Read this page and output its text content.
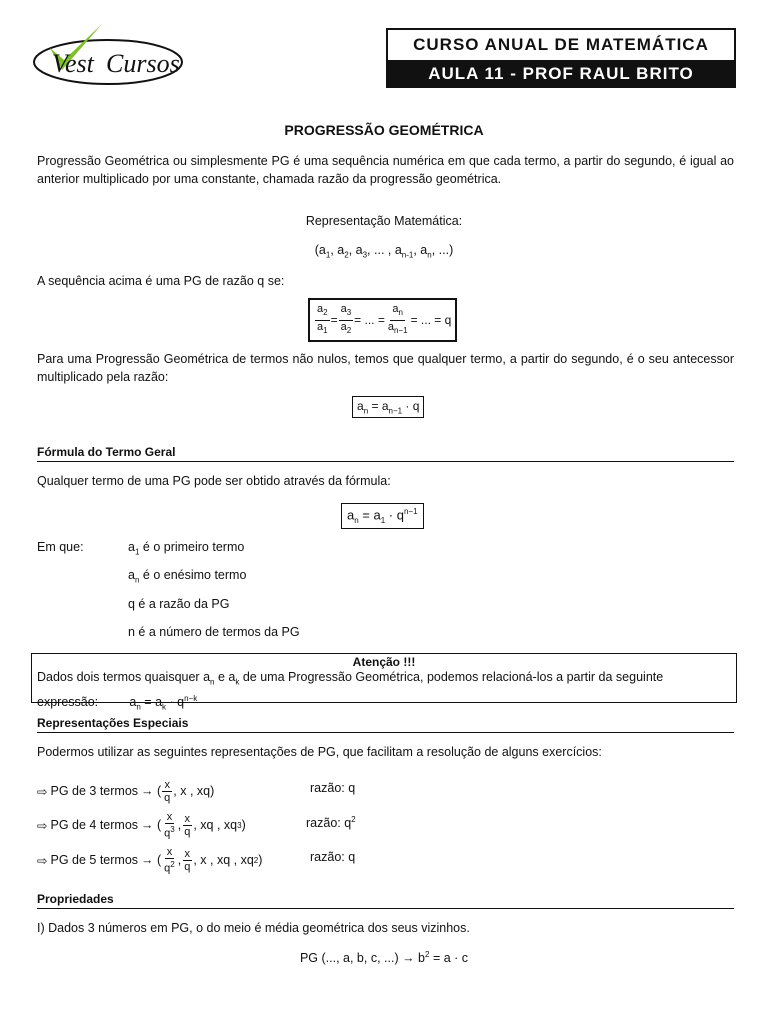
Vest Cursos
CURSO ANUAL DE MATEMÁTICA
AULA 11 - PROF RAUL BRITO
PROGRESSÃO GEOMÉTRICA

Progressão Geométrica ou simplesmente PG é uma sequência numérica em que cada termo, a partir do segundo, é igual ao anterior multiplicado por uma constante, chamada razão da progressão geométrica.

Representação Matemática:
($a_1$, $a_2$, $a_3$, ... , $a_{n-1}$, $a_n$, ...)
A sequência acima é uma PG de razão q se:
$\frac{a_2}{a_1} = \frac{a_3}{a_2}$ = ... = $\frac{a_n}{a_{n-1}}$ = ... = q

Para uma Progressão Geométrica de termos não nulos, temos que qualquer termo, a partir do segundo, é o seu antecessor multiplicado pela razão:

$a_n = a_{n-1} \cdot q$
Fórmula do Termo Geral
Qualquer termo de uma PG pode ser obtido através da fórmula:
$a_n = a_1 \cdot q^{n-1}$
Em que:	$a_1$ é o primeiro termo
$a_n$ é o enésimo termo
q é a razão da PG
n é a número de termos da PG
Atenção !!!
Dados dois termos quaisquer $a_n$ e $a_k$ de uma Progressão Geométrica, podemos relacioná-los a partir da seguinte
expressão:         $a_n = a_k \cdot q^{n-k}$
Representações Especiais
Podermos utilizar as seguintes representações de PG, que facilitam a resolução de alguns exercícios:
⇨ PG de 3 termos → ( $\frac{x}{q}$ , x , xq)	razão: q
⇨ PG de 4 termos → ( $\frac{x}{q^3}$ , $\frac{x}{q}$ , xq , xq 3 )	razão: $q^2$
⇨ PG de 5 termos → ( $\frac{x}{q^2}$ , $\frac{x}{q}$ , x , xq , xq 2 )	razão: q
Propriedades
I) Dados 3 números em PG, o do meio é média geométrica dos seus vizinhos.
PG (..., a, b, c, ...) → $b^2 = a \cdot c$
